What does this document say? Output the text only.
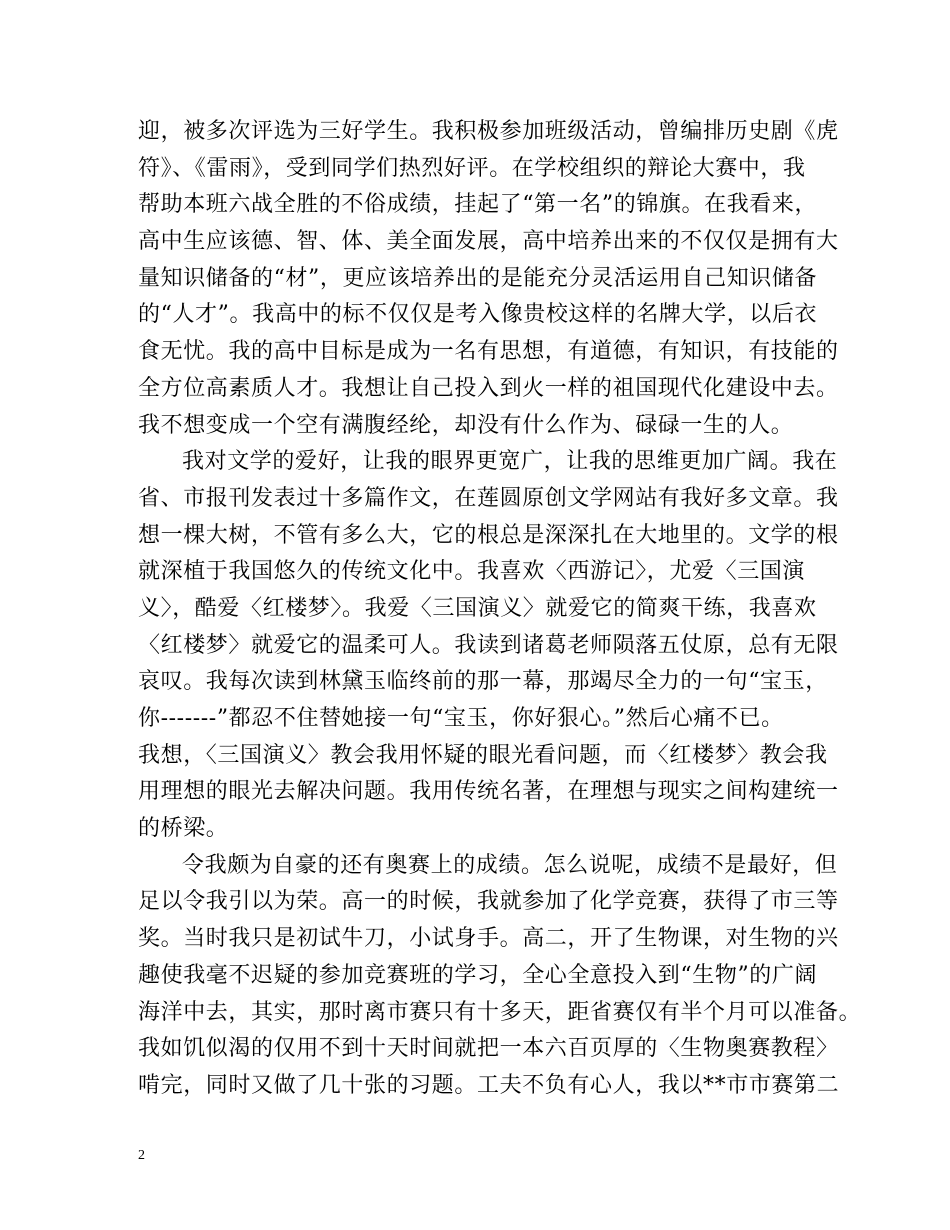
迎，被多次评选为三好学生。我积极参加班级活动，曾编排历史剧《虎
符》、《雷雨》，受到同学们热烈好评。在学校组织的辩论大赛中，我
帮助本班六战全胜的不俗成绩，挂起了“第一名”的锦旗。在我看来，
高中生应该德、智、体、美全面发展，高中培养出来的不仅仅是拥有大
量知识储备的“材”，更应该培养出的是能充分灵活运用自己知识储备
的“人才”。我高中的标不仅仅是考入像贵校这样的名牌大学，以后衣
食无忧。我的高中目标是成为一名有思想，有道德，有知识，有技能的
全方位高素质人才。我想让自己投入到火一样的祖国现代化建设中去。
我不想变成一个空有满腹经纶，却没有什么作为、碌碌一生的人。
我对文学的爱好，让我的眼界更宽广，让我的思维更加广阔。我在
省、市报刊发表过十多篇作文，在莲圆原创文学网站有我好多文章。我
想一棵大树，不管有多么大，它的根总是深深扎在大地里的。文学的根
就深植于我国悠久的传统文化中。我喜欢〈西游记〉，尤爱〈三国演
义〉，酷爱〈红楼梦〉。我爱〈三国演义〉就爱它的简爽干练，我喜欢
〈红楼梦〉就爱它的温柔可人。我读到诸葛老师陨落五仗原，总有无限
哀叹。我每次读到林黛玉临终前的那一幕，那竭尽全力的一句“宝玉，
你-------”都忍不住替她接一句“宝玉，你好狠心。”然后心痛不已。
我想，〈三国演义〉教会我用怀疑的眼光看问题，而〈红楼梦〉教会我
用理想的眼光去解决问题。我用传统名著，在理想与现实之间构建统一
的桥梁。
令我颇为自豪的还有奥赛上的成绩。怎么说呢，成绩不是最好，但
足以令我引以为荣。高一的时候，我就参加了化学竞赛，获得了市三等
奖。当时我只是初试牛刀，小试身手。高二，开了生物课，对生物的兴
趣使我毫不迟疑的参加竞赛班的学习，全心全意投入到“生物”的广阔
海洋中去，其实，那时离市赛只有十多天，距省赛仅有半个月可以准备。
我如饥似渴的仅用不到十天时间就把一本六百页厚的〈生物奥赛教程〉
啃完，同时又做了几十张的习题。工夫不负有心人，我以**市市赛第二
2
